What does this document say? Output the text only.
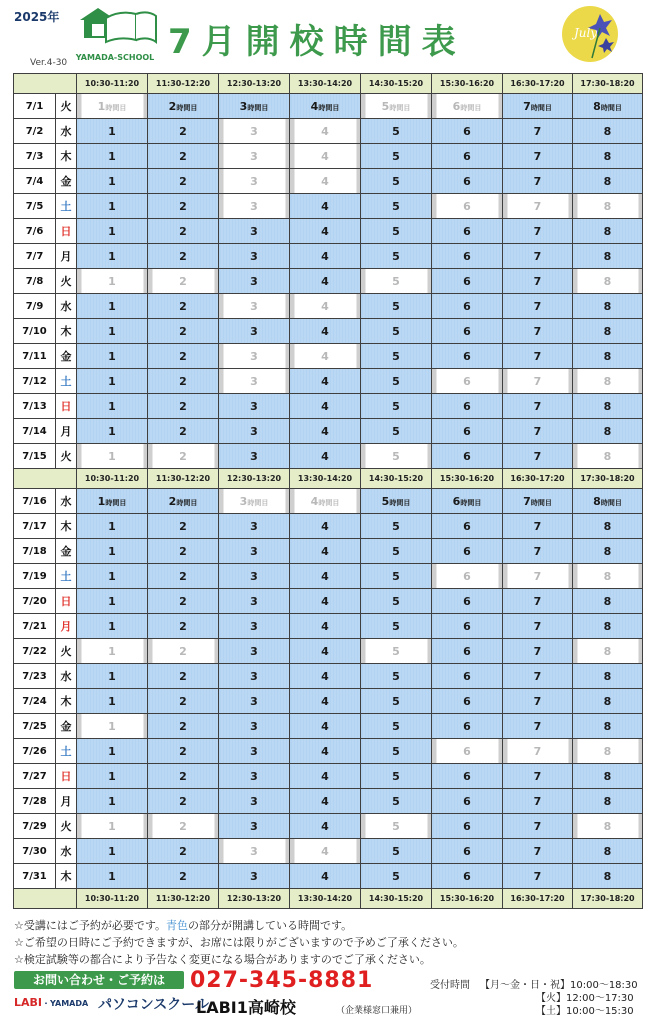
2025年
YAMADA-SCHOOL
Ver.4-30
7月開校時間表	July
		10:30-11:20	11:30-12:20	12:30-13:20	13:30-14:20	14:30-15:20	15:30-16:20	16:30-17:20	17:30-18:20
7/1	火	1時間目	2時間目	3時間目	4時間目	5時間目	6時間目	7時間目	8時間目
7/2	水	1	2	3	4	5	6	7	8
7/3	木	1	2	3	4	5	6	7	8
7/4	金	1	2	3	4	5	6	7	8
7/5	土	1	2	3	4	5	6	7	8
7/6	日	1	2	3	4	5	6	7	8
7/7	月	1	2	3	4	5	6	7	8
7/8	火	1	2	3	4	5	6	7	8
7/9	水	1	2	3	4	5	6	7	8
7/10	木	1	2	3	4	5	6	7	8
7/11	金	1	2	3	4	5	6	7	8
7/12	土	1	2	3	4	5	6	7	8
7/13	日	1	2	3	4	5	6	7	8
7/14	月	1	2	3	4	5	6	7	8
7/15	火	1	2	3	4	5	6	7	8
		10:30-11:20	11:30-12:20	12:30-13:20	13:30-14:20	14:30-15:20	15:30-16:20	16:30-17:20	17:30-18:20
7/16	水	1時間目	2時間目	3時間目	4時間目	5時間目	6時間目	7時間目	8時間目
7/17	木	1	2	3	4	5	6	7	8
7/18	金	1	2	3	4	5	6	7	8
7/19	土	1	2	3	4	5	6	7	8
7/20	日	1	2	3	4	5	6	7	8
7/21	月	1	2	3	4	5	6	7	8
7/22	火	1	2	3	4	5	6	7	8
7/23	水	1	2	3	4	5	6	7	8
7/24	木	1	2	3	4	5	6	7	8
7/25	金	1	2	3	4	5	6	7	8
7/26	土	1	2	3	4	5	6	7	8
7/27	日	1	2	3	4	5	6	7	8
7/28	月	1	2	3	4	5	6	7	8
7/29	火	1	2	3	4	5	6	7	8
7/30	水	1	2	3	4	5	6	7	8
7/31	木	1	2	3	4	5	6	7	8
		10:30-11:20	11:30-12:20	12:30-13:20	13:30-14:20	14:30-15:20	15:30-16:20	16:30-17:20	17:30-18:20
☆受講にはご予約が必要です。青色の部分が開講している時間です。
☆ご希望の日時にご予約できますが、お席には限りがございますので予めご了承ください。
☆検定試験等の都合により予告なく変更になる場合がありますのでご了承ください。
お問い合わせ・ご予約は	027-345-8881
LABI・YAMADA パソコンスクール
LABI1高崎校	（企業様窓口兼用）
受付時間 【月～金・日・祝】10:00～18:30
【火】12:00～17:30
【土】10:00～15:30
